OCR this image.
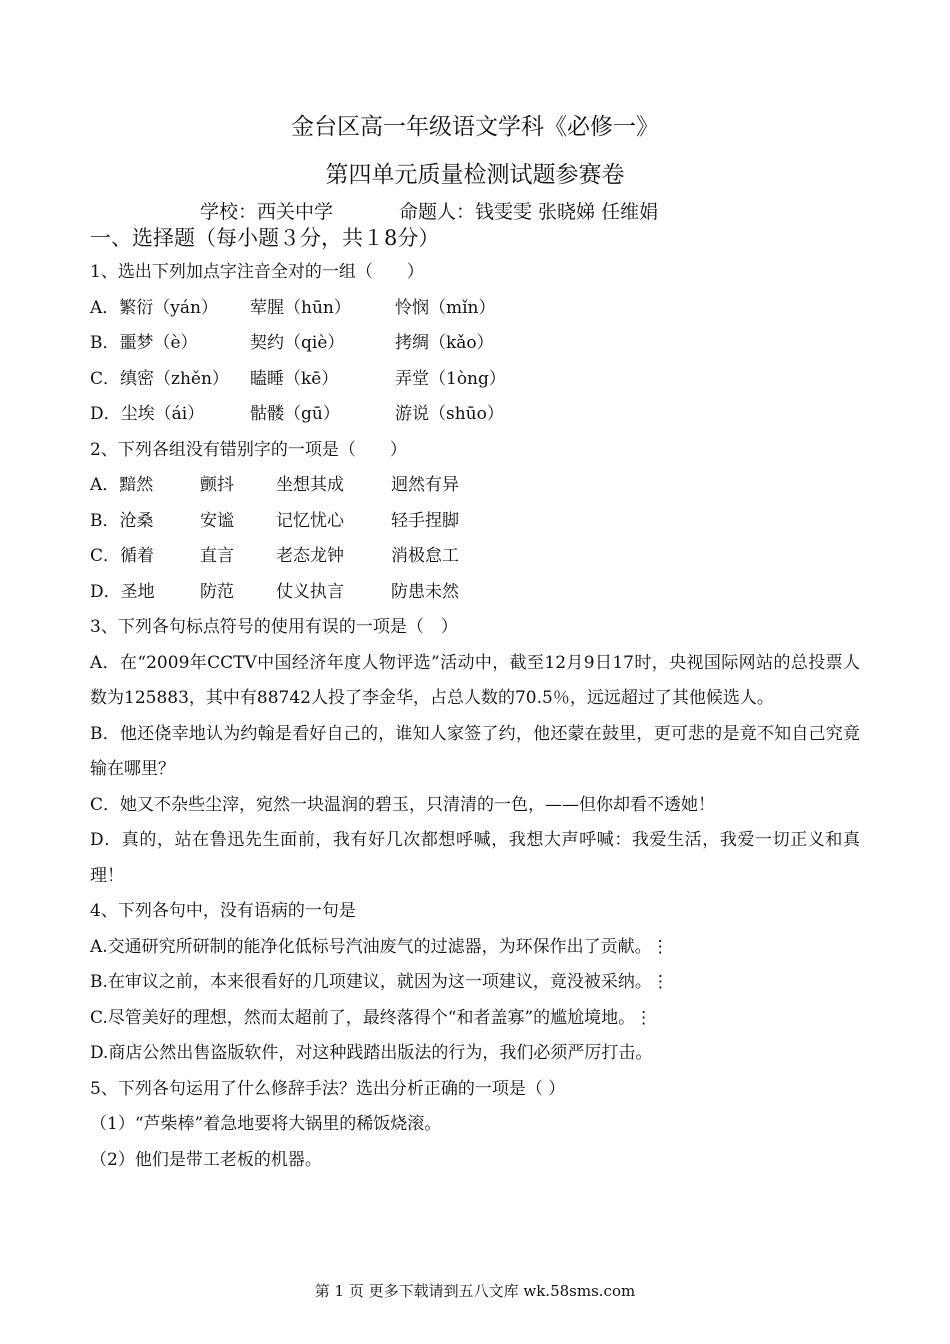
金台区高一年级语文学科《必修一》
第四单元质量检测试题参赛卷
学校：西关中学	命题人：钱雯雯 张晓娣 任维娟
一、选择题（每小题３分，共１8分）
1、选出下列加点字注音全对的一组（　　）
A．繁衍（yán） 荤腥（hūn）	怜悯（mǐn）
B．噩梦（è）	契约（qiè）	拷绸（kǎo）
C．缜密（zhěn） 瞌睡（kē）	弄堂（1òng）
D．尘埃（ái）	骷髅（gū）	游说（shūo）
2、下列各组没有错别字的一项是（　　）
A．黯然	颤抖 坐想其成	迥然有异
B．沧桑	安谧 记忆忧心	轻手捏脚
C．循着	直言 老态龙钟	消极怠工
D．圣地	防范 仗义执言	防患未然
3、下列各句标点符号的使用有误的一项是（　）
A．在“2009年CCTV中国经济年度人物评选”活动中，截至12月9日17时，央视国际网站的总投票人数为125883，其中有88742人投了李金华，占总人数的70.5％，远远超过了其他候选人。
B．他还侥幸地认为约翰是看好自己的，谁知人家签了约，他还蒙在鼓里，更可悲的是竟不知自己究竟输在哪里？
C．她又不杂些尘滓，宛然一块温润的碧玉，只清清的一色，——但你却看不透她！
D．真的，站在鲁迅先生面前，我有好几次都想呼喊，我想大声呼喊：我爱生活，我爱一切正义和真理！
4、下列各句中，没有语病的一句是
A.交通研究所研制的能净化低标号汽油废气的过滤器，为环保作出了贡献。⋮
B.在审议之前，本来很看好的几项建议，就因为这一项建议，竟没被采纳。⋮
C.尽管美好的理想，然而太超前了，最终落得个“和者盖寡”的尴尬境地。⋮
D.商店公然出售盗版软件，对这种践踏出版法的行为，我们必须严厉打击。
5、下列各句运用了什么修辞手法？选出分析正确的一项是（ ）
（1）“芦柴棒”着急地要将大锅里的稀饭烧滚。
（2）他们是带工老板的机器。
第 1 页 更多下载请到五八文库 wk.58sms.com
